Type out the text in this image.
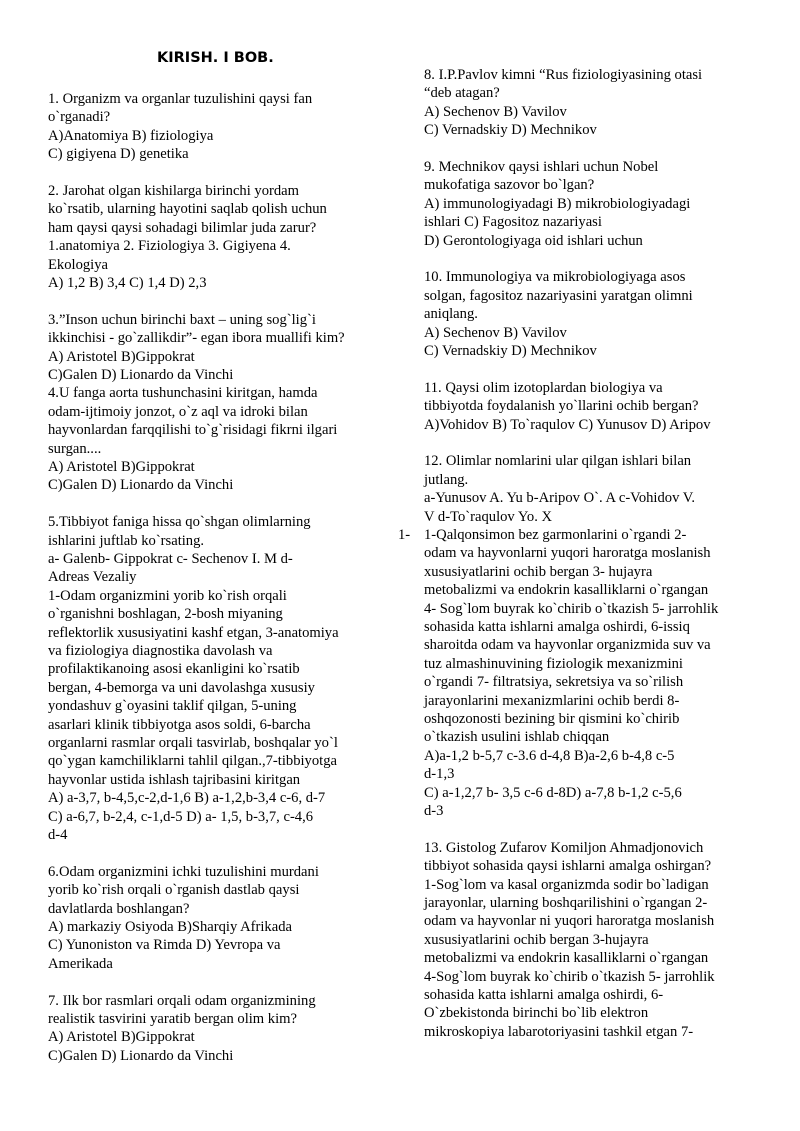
KIRISH. I BOB.
1. Organizm va organlar tuzulishini qaysi fan
o`rganadi?
A)Anatomiya B) fiziologiya
C) gigiyena D) genetika
2. Jarohat olgan kishilarga birinchi yordam
ko`rsatib, ularning hayotini saqlab qolish uchun
ham qaysi qaysi sohadagi bilimlar juda zarur?
1.anatomiya 2. Fiziologiya 3. Gigiyena 4.
Ekologiya
A) 1,2 B) 3,4 C) 1,4 D) 2,3
3.”Inson uchun birinchi baxt – uning sog`lig`i
ikkinchisi - go`zallikdir”- egan ibora muallifi kim?
A) Aristotel B)Gippokrat
C)Galen D) Lionardo da Vinchi
4.U fanga aorta tushunchasini kiritgan, hamda
odam-ijtimoiy jonzot, o`z aql va idroki bilan
hayvonlardan farqqilishi to`g`risidagi fikrni ilgari
surgan....
A) Aristotel B)Gippokrat
C)Galen D) Lionardo da Vinchi
5.Tibbiyot faniga hissa qo`shgan olimlarning
ishlarini juftlab ko`rsating.
a- Galenb- Gippokrat c- Sechenov I. M d-
Adreas Vezaliy
1-Odam organizmini yorib ko`rish orqali
o`rganishni boshlagan, 2-bosh miyaning
reflektorlik xususiyatini kashf etgan, 3-anatomiya
va fiziologiya diagnostika davolash va
profilaktikanoing asosi ekanligini ko`rsatib
bergan, 4-bemorga va uni davolashga xususiy
yondashuv g`oyasini taklif qilgan, 5-uning
asarlari klinik tibbiyotga asos soldi, 6-barcha
organlarni rasmlar orqali tasvirlab, boshqalar yo`l
qo`ygan kamchiliklarni tahlil qilgan.,7-tibbiyotga
hayvonlar ustida ishlash tajribasini kiritgan
A) a-3,7, b-4,5,c-2,d-1,6 B) a-1,2,b-3,4 c-6, d-7
C) a-6,7, b-2,4, c-1,d-5 D) a- 1,5, b-3,7, c-4,6
d-4
6.Odam organizmini ichki tuzulishini murdani
yorib ko`rish orqali o`rganish dastlab qaysi
davlatlarda boshlangan?
A) markaziy Osiyoda B)Sharqiy Afrikada
C) Yunoniston va Rimda D) Yevropa va
Amerikada
7. Ilk bor rasmlari orqali odam organizmining
realistik tasvirini yaratib bergan olim kim?
A) Aristotel B)Gippokrat
C)Galen D) Lionardo da Vinchi
8. I.P.Pavlov kimni “Rus fiziologiyasining otasi
“deb atagan?
A) Sechenov B) Vavilov
C) Vernadskiy D) Mechnikov
9. Mechnikov qaysi ishlari uchun Nobel
mukofatiga sazovor bo`lgan?
A) immunologiyadagi B) mikrobiologiyadagi
ishlari C) Fagositoz nazariyasi
D) Gerontologiyaga oid ishlari uchun
10. Immunologiya va mikrobiologiyaga asos
solgan, fagositoz nazariyasini yaratgan olimni
aniqlang.
A) Sechenov B) Vavilov
C) Vernadskiy D) Mechnikov
11. Qaysi olim izotoplardan biologiya va
tibbiyotda foydalanish yo`llarini ochib bergan?
A)Vohidov B) To`raqulov C) Yunusov D) Aripov
12. Olimlar nomlarini ular qilgan ishlari bilan
jutlang.
a-Yunusov A. Yu b-Aripov O`. A c-Vohidov V.
V d-To`raqulov Yo. X
1-Qalqonsimon bez garmonlarini o`rgandi 2-
odam va hayvonlarni yuqori haroratga moslanish
xususiyatlarini ochib bergan 3- hujayra
metobalizmi va endokrin kasalliklarni o`rgangan
4- Sog`lom buyrak ko`chirib o`tkazish 5- jarrohlik
sohasida katta ishlarni amalga oshirdi, 6-issiq
sharoitda odam va hayvonlar organizmida suv va
tuz almashinuvining fiziologik mexanizmini
o`rgandi 7- filtratsiya, sekretsiya va so`rilish
jarayonlarini mexanizmlarini ochib berdi 8-
oshqozonosti bezining bir qismini ko`chirib
o`tkazish usulini ishlab chiqqan
A)a-1,2 b-5,7 c-3.6 d-4,8 B)a-2,6 b-4,8 c-5
d-1,3
C) a-1,2,7 b- 3,5 c-6 d-8D) a-7,8 b-1,2 c-5,6
d-3
13. Gistolog Zufarov Komiljon Ahmadjonovich
tibbiyot sohasida qaysi ishlarni amalga oshirgan?
1-Sog`lom va kasal organizmda sodir bo`ladigan
jarayonlar, ularning boshqarilishini o`rgangan 2-
odam va hayvonlar ni yuqori haroratga moslanish
xususiyatlarini ochib bergan 3-hujayra
metobalizmi va endokrin kasalliklarni o`rgangan
4-Sog`lom buyrak ko`chirib o`tkazish 5- jarrohlik
sohasida katta ishlarni amalga oshirdi, 6-
O`zbekistonda birinchi bo`lib elektron
mikroskopiya labarotoriyasini tashkil etgan 7-
1-
